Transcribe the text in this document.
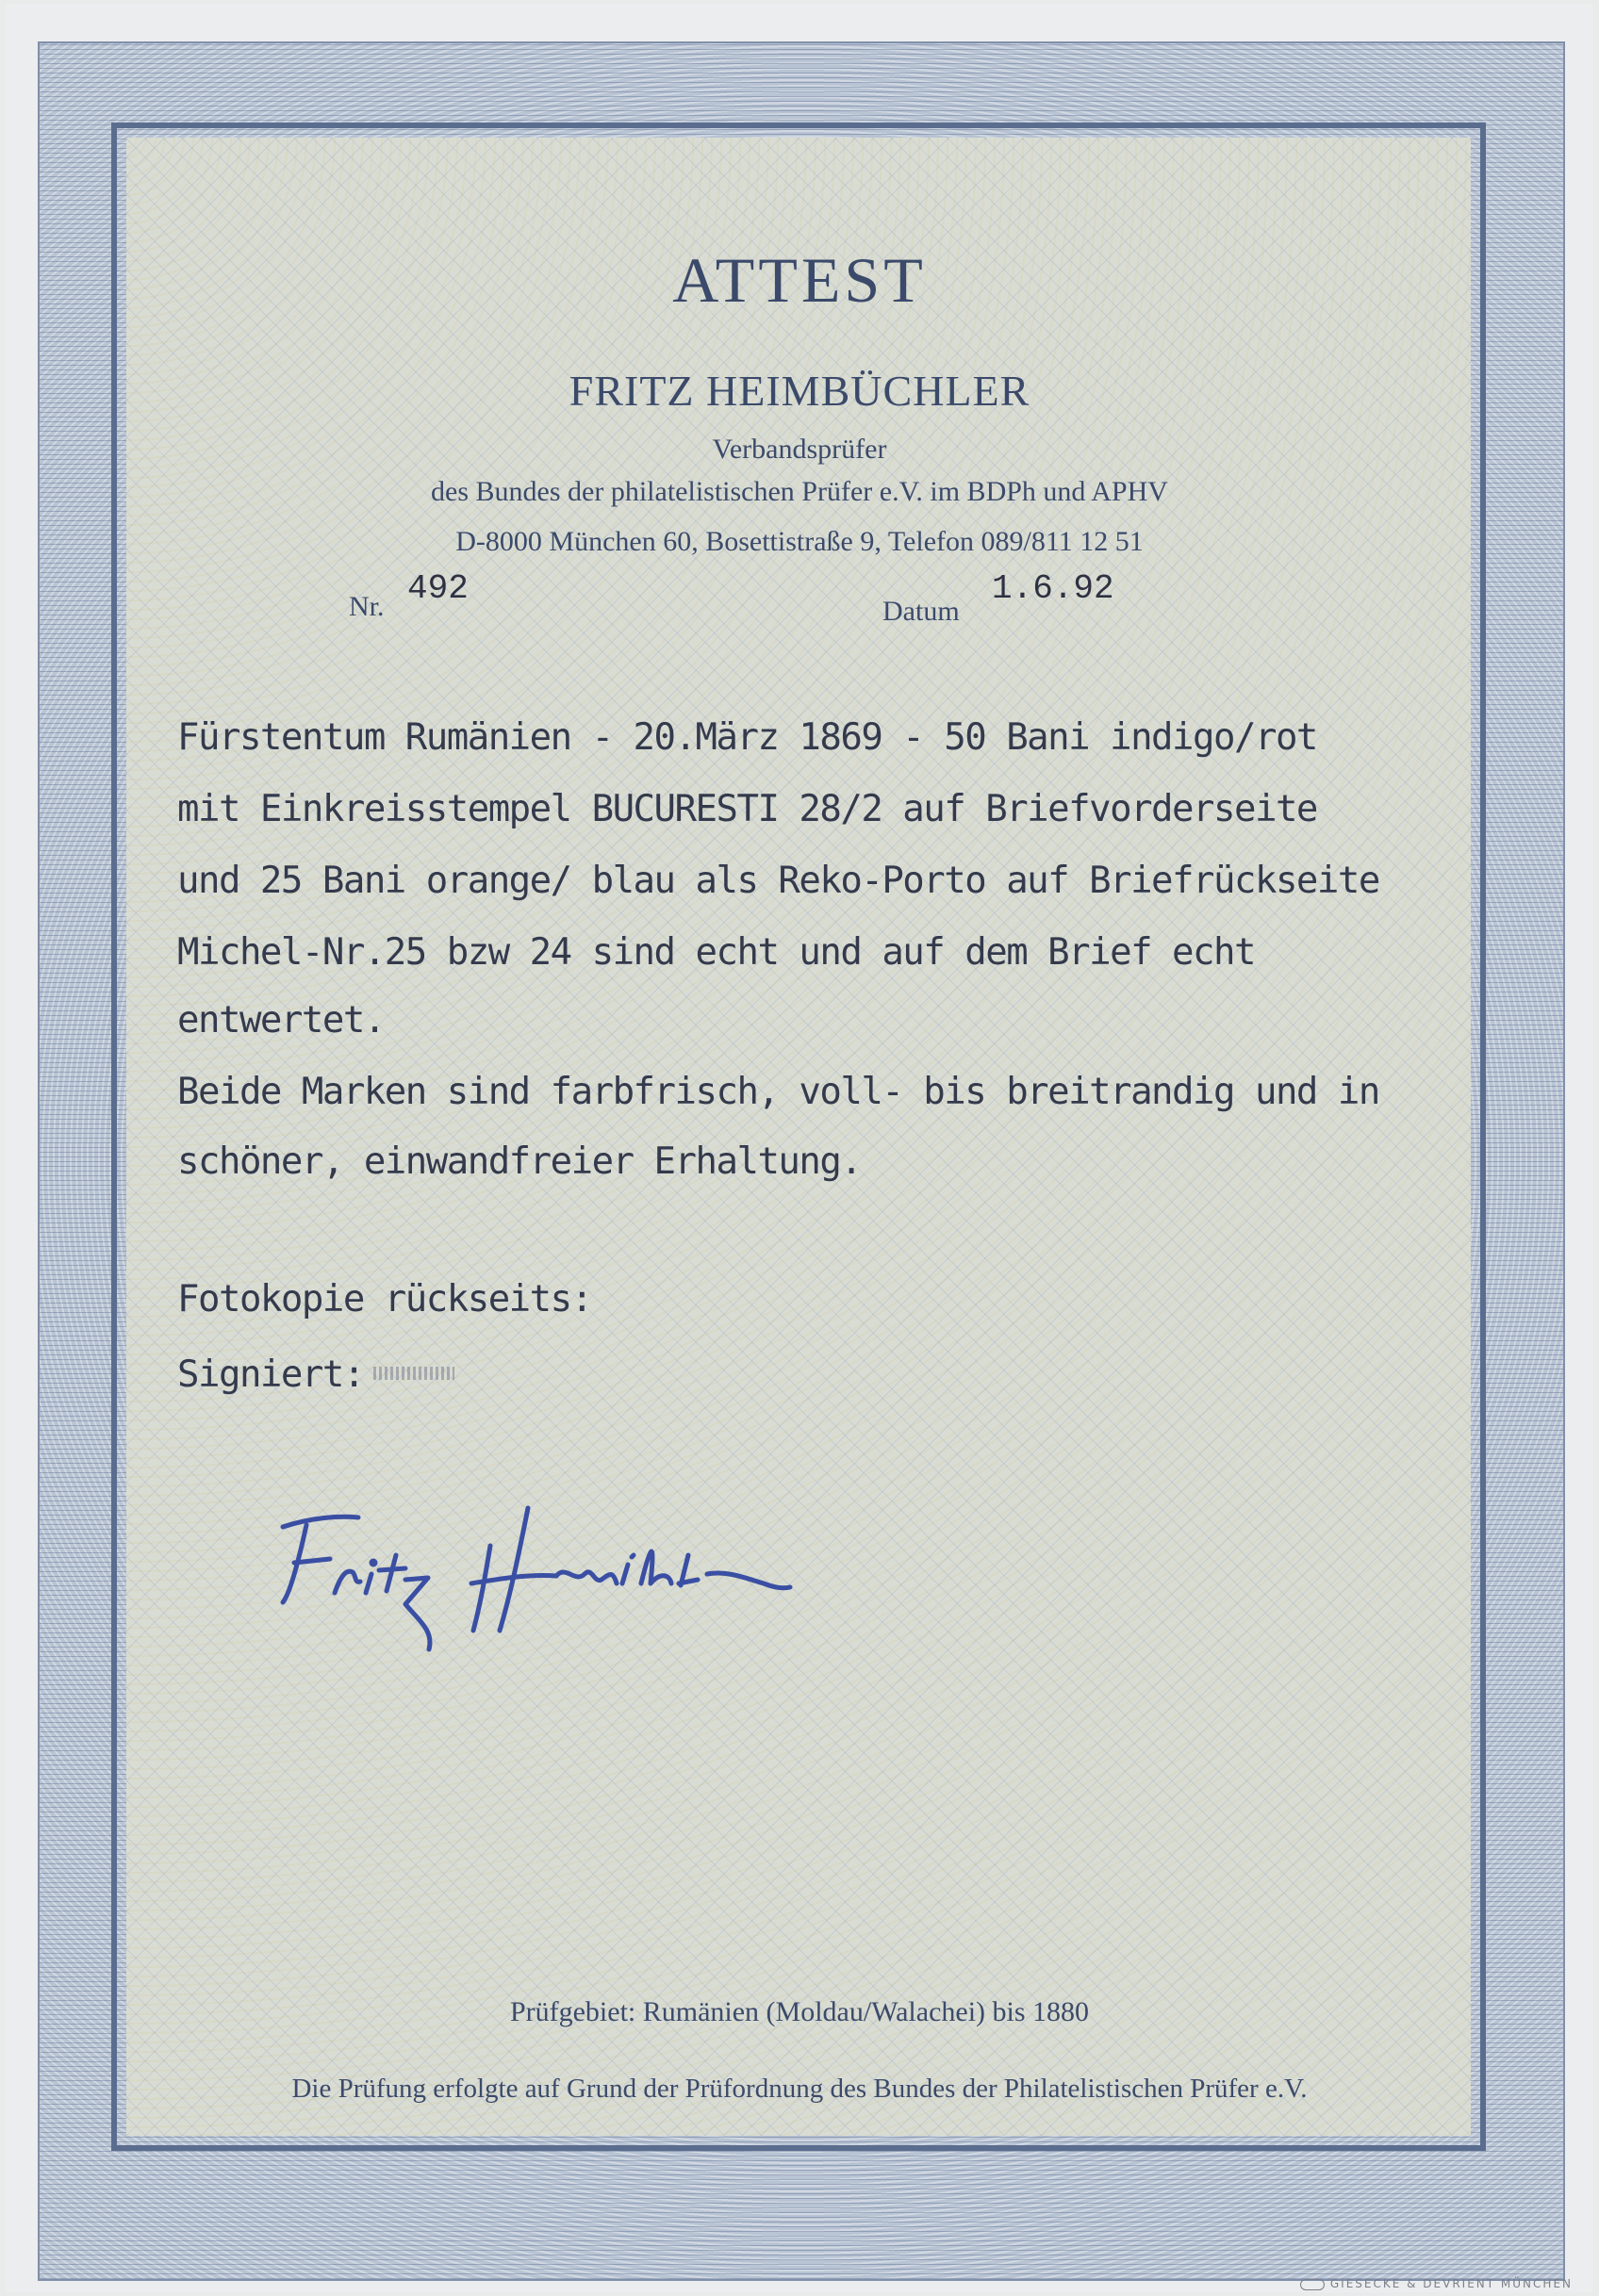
ATTEST
FRITZ HEIMBÜCHLER
Verbandsprüfer
des Bundes der philatelistischen Prüfer e.V. im BDPh und APHV
D-8000 München 60, Bosettistraße 9, Telefon 089/811 12 51
Nr. 492
Datum
1.6.92
Fürstentum Rumänien - 20.März 1869 - 50 Bani indigo/rot
mit Einkreisstempel BUCURESTI 28/2 auf Briefvorderseite
und 25 Bani orange/ blau als Reko-Porto auf Briefrückseite
Michel-Nr.25 bzw 24 sind echt und auf dem Brief echt
entwertet.
Beide Marken sind farbfrisch, voll- bis breitrandig und in
schöner, einwandfreier Erhaltung.
Fotokopie rückseits:
Signiert:
Prüfgebiet: Rumänien (Moldau/Walachei) bis 1880
Die Prüfung erfolgte auf Grund der Prüfordnung des Bundes der Philatelistischen Prüfer e.V.
GIESECKE & DEVRIENT MÜNCHEN
